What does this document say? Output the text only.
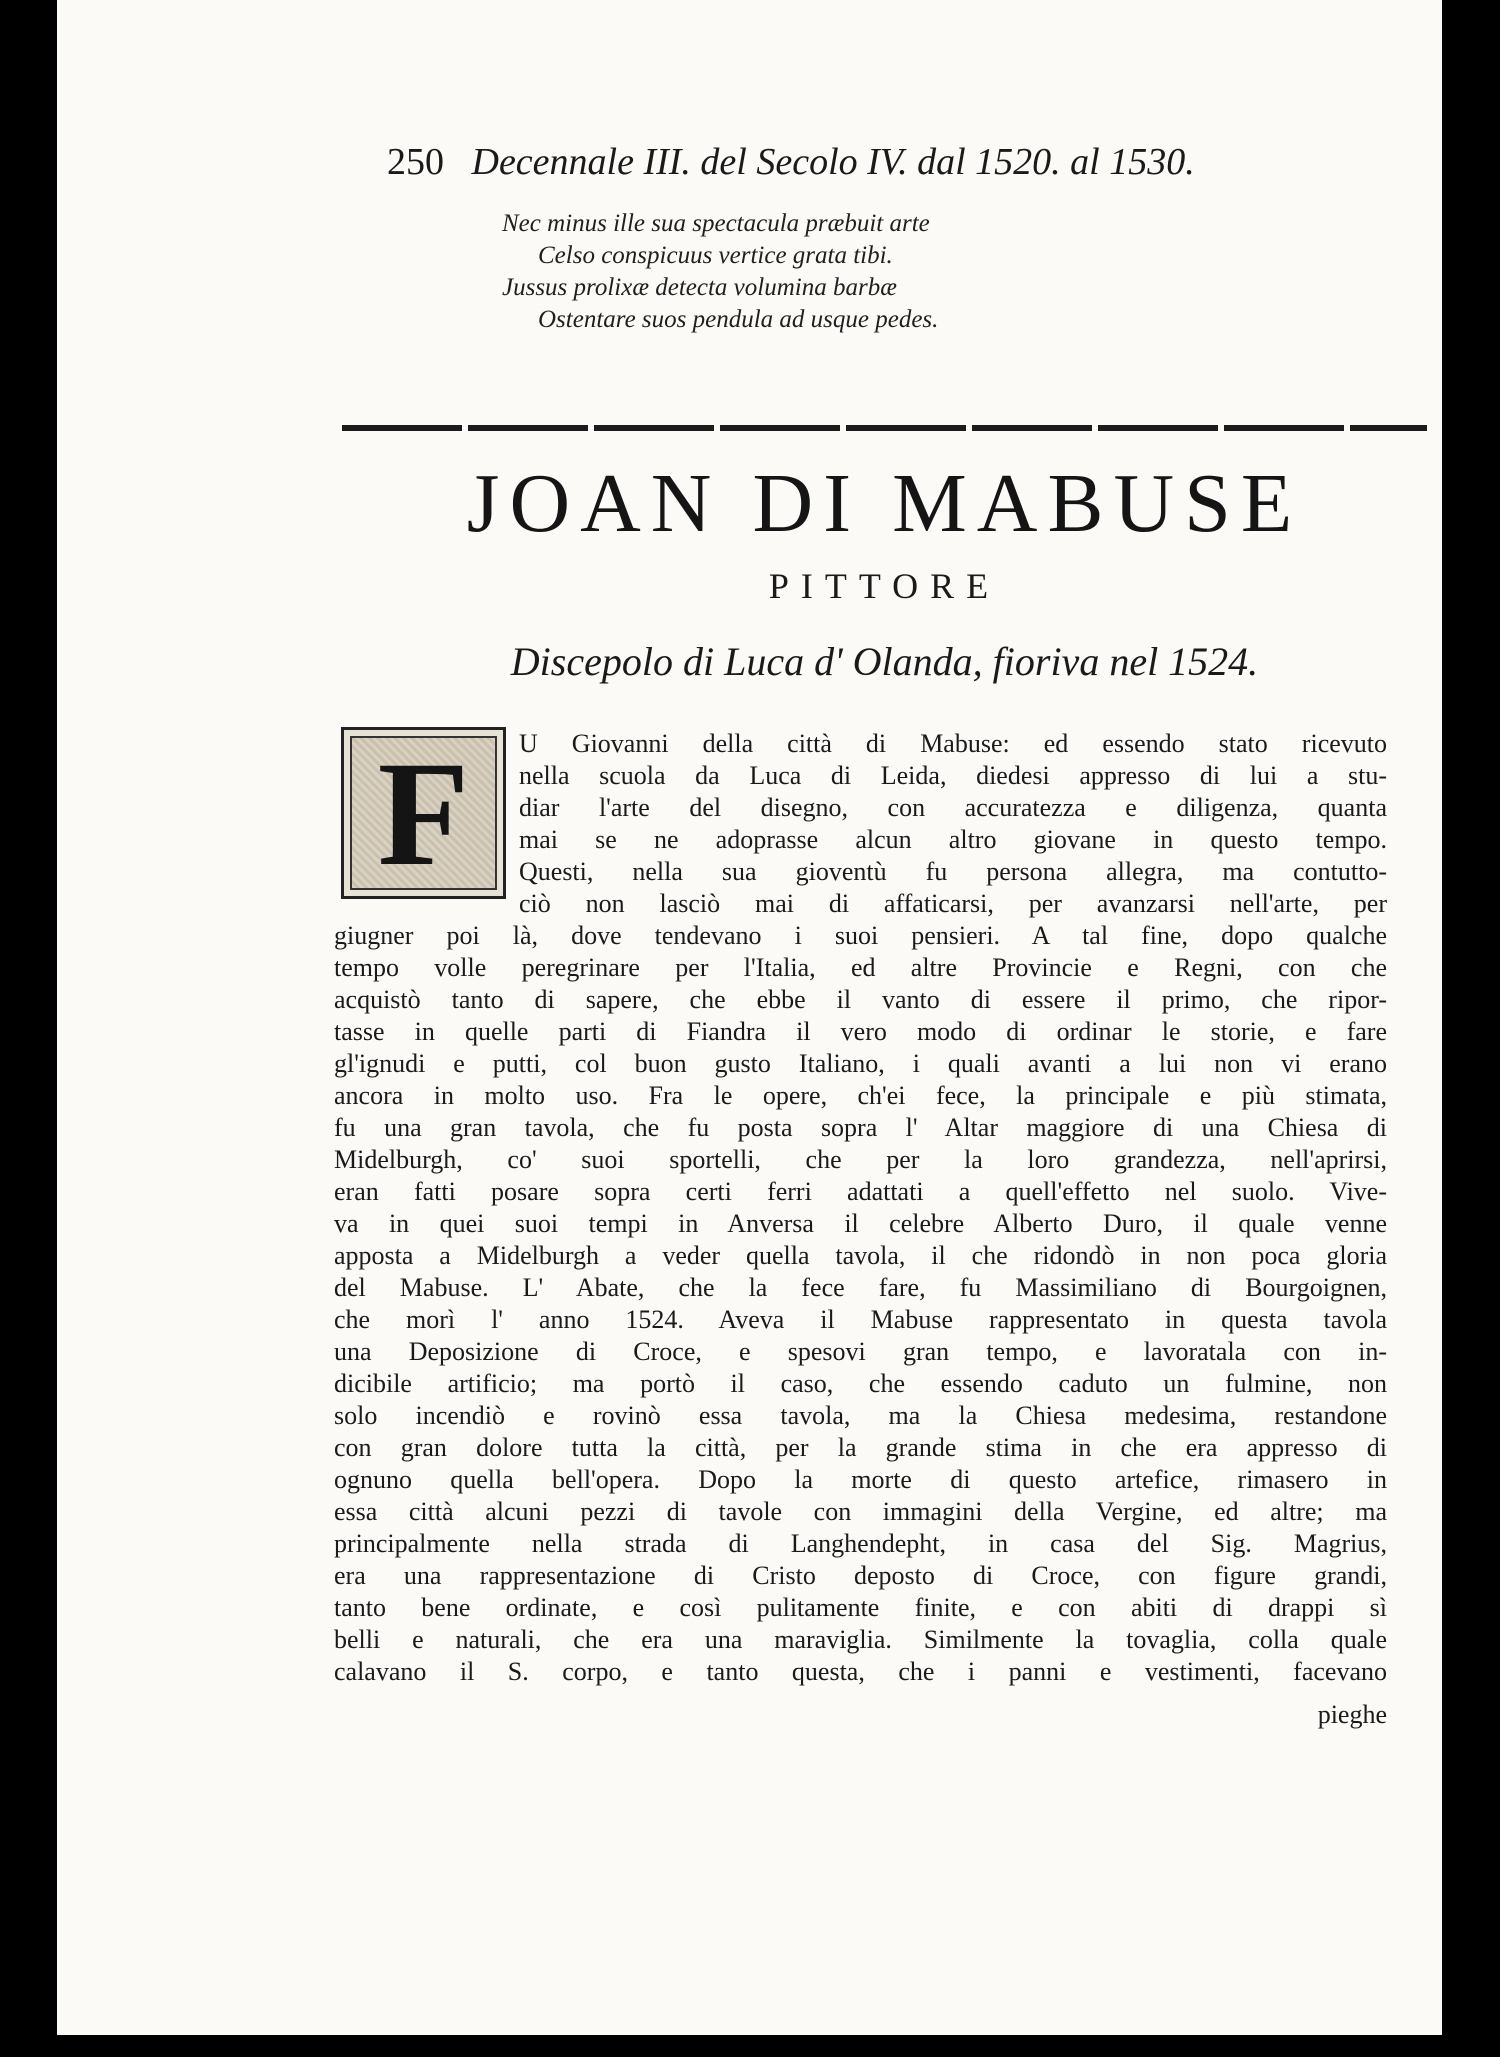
250 Decennale III. del Secolo IV. dal 1520. al 1530.
Nec minus ille sua spectacula præbuit arte
Celso conspicuus vertice grata tibi.
Jussus prolixæ detecta volumina barbæ
Ostentare suos pendula ad usque pedes.
JOAN DI MABUSE
PITTORE
Discepolo di Luca d' Olanda, fioriva nel 1524.
F	U Giovanni della città di Mabuse: ed essendo stato ricevuto
nella scuola da Luca di Leida, diedesi appresso di lui a stu-
diar l'arte del disegno, con accuratezza e diligenza, quanta
mai se ne adoprasse alcun altro giovane in questo tempo.
Questi, nella sua gioventù fu persona allegra, ma contutto-
ciò non lasciò mai di affaticarsi, per avanzarsi nell'arte, per
giugner poi là, dove tendevano i suoi pensieri. A tal fine, dopo qualche
tempo volle peregrinare per l'Italia, ed altre Provincie e Regni, con che
acquistò tanto di sapere, che ebbe il vanto di essere il primo, che ripor-
tasse in quelle parti di Fiandra il vero modo di ordinar le storie, e fare
gl'ignudi e putti, col buon gusto Italiano, i quali avanti a lui non vi erano
ancora in molto uso. Fra le opere, ch'ei fece, la principale e più stimata,
fu una gran tavola, che fu posta sopra l' Altar maggiore di una Chiesa di
Midelburgh, co' suoi sportelli, che per la loro grandezza, nell'aprirsi,
eran fatti posare sopra certi ferri adattati a quell'effetto nel suolo. Vive-
va in quei suoi tempi in Anversa il celebre Alberto Duro, il quale venne
apposta a Midelburgh a veder quella tavola, il che ridondò in non poca gloria
del Mabuse. L' Abate, che la fece fare, fu Massimiliano di Bourgoignen,
che morì l' anno 1524. Aveva il Mabuse rappresentato in questa tavola
una Deposizione di Croce, e spesovi gran tempo, e lavoratala con in-
dicibile artificio; ma portò il caso, che essendo caduto un fulmine, non
solo incendiò e rovinò essa tavola, ma la Chiesa medesima, restandone
con gran dolore tutta la città, per la grande stima in che era appresso di
ognuno quella bell'opera. Dopo la morte di questo artefice, rimasero in
essa città alcuni pezzi di tavole con immagini della Vergine, ed altre; ma
principalmente nella strada di Langhendepht, in casa del Sig. Magrius,
era una rappresentazione di Cristo deposto di Croce, con figure grandi,
tanto bene ordinate, e così pulitamente finite, e con abiti di drappi sì
belli e naturali, che era una maraviglia. Similmente la tovaglia, colla quale
calavano il S. corpo, e tanto questa, che i panni e vestimenti, facevano
pieghe
